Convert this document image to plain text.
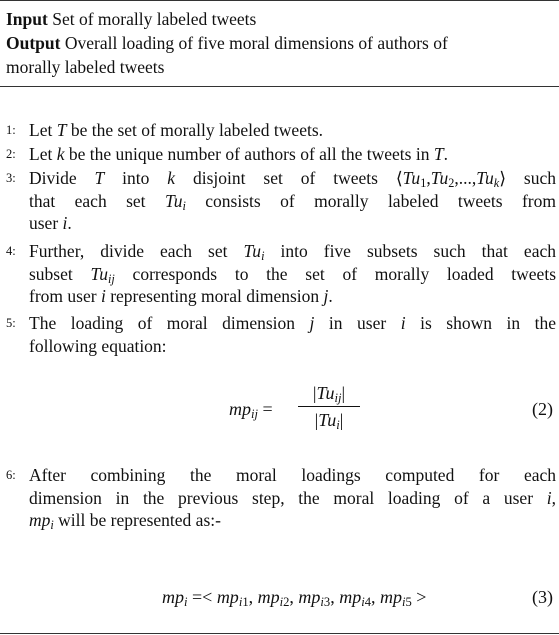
Input Set of morally labeled tweets
Output Overall loading of five moral dimensions of authors of
morally labeled tweets
1: Let T be the set of morally labeled tweets.
2: Let k be the unique number of authors of all the tweets in T.
3: Divide T into k disjoint set of tweets $⟨Tu_1,Tu_2,...,Tu_k⟩$ such
that each set $Tu_i$ consists of morally labeled tweets from
user i.
4: Further, divide each set $Tu_i$ into five subsets such that each
subset $Tu_{ij}$ corresponds to the set of morally loaded tweets
from user i representing moral dimension j.
5: The loading of moral dimension j in user i is shown in the
following equation:
$mp_{ij}$ =
$|Tu_{ij}|$
$|Tu_i|$
(2)
6: After combining the moral loadings computed for each
dimension in the previous step, the moral loading of a user i,
$mp_i$ will be represented as:-
$mp_i =< mp_{i1}$, $mp_{i2}$, $mp_{i3}$, $mp_{i4}$, $mp_{i5}$ >	(3)
